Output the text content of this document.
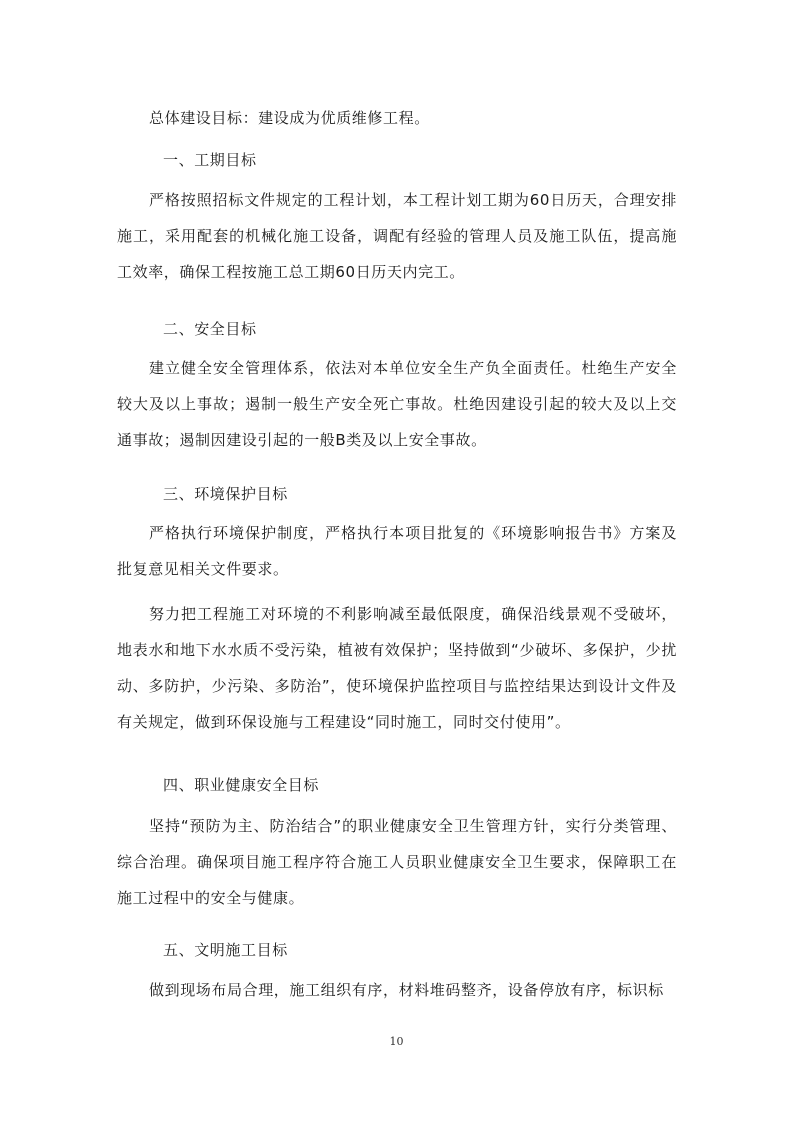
总体建设目标：建设成为优质维修工程。

一、工期目标

严格按照招标文件规定的工程计划，本工程计划工期为60日历天，合理安排施工，采用配套的机械化施工设备，调配有经验的管理人员及施工队伍，提高施工效率，确保工程按施工总工期60日历天内完工。

二、安全目标

建立健全安全管理体系，依法对本单位安全生产负全面责任。杜绝生产安全较大及以上事故；遏制一般生产安全死亡事故。杜绝因建设引起的较大及以上交通事故；遏制因建设引起的一般B类及以上安全事故。

三、环境保护目标

严格执行环境保护制度，严格执行本项目批复的《环境影响报告书》方案及批复意见相关文件要求。

努力把工程施工对环境的不利影响减至最低限度，确保沿线景观不受破坏，地表水和地下水水质不受污染，植被有效保护；坚持做到“少破坏、多保护，少扰动、多防护，少污染、多防治”，使环境保护监控项目与监控结果达到设计文件及有关规定，做到环保设施与工程建设“同时施工，同时交付使用”。

四、职业健康安全目标

坚持“预防为主、防治结合”的职业健康安全卫生管理方针，实行分类管理、综合治理。确保项目施工程序符合施工人员职业健康安全卫生要求，保障职工在施工过程中的安全与健康。

五、文明施工目标

做到现场布局合理，施工组织有序，材料堆码整齐，设备停放有序，标识标

10
